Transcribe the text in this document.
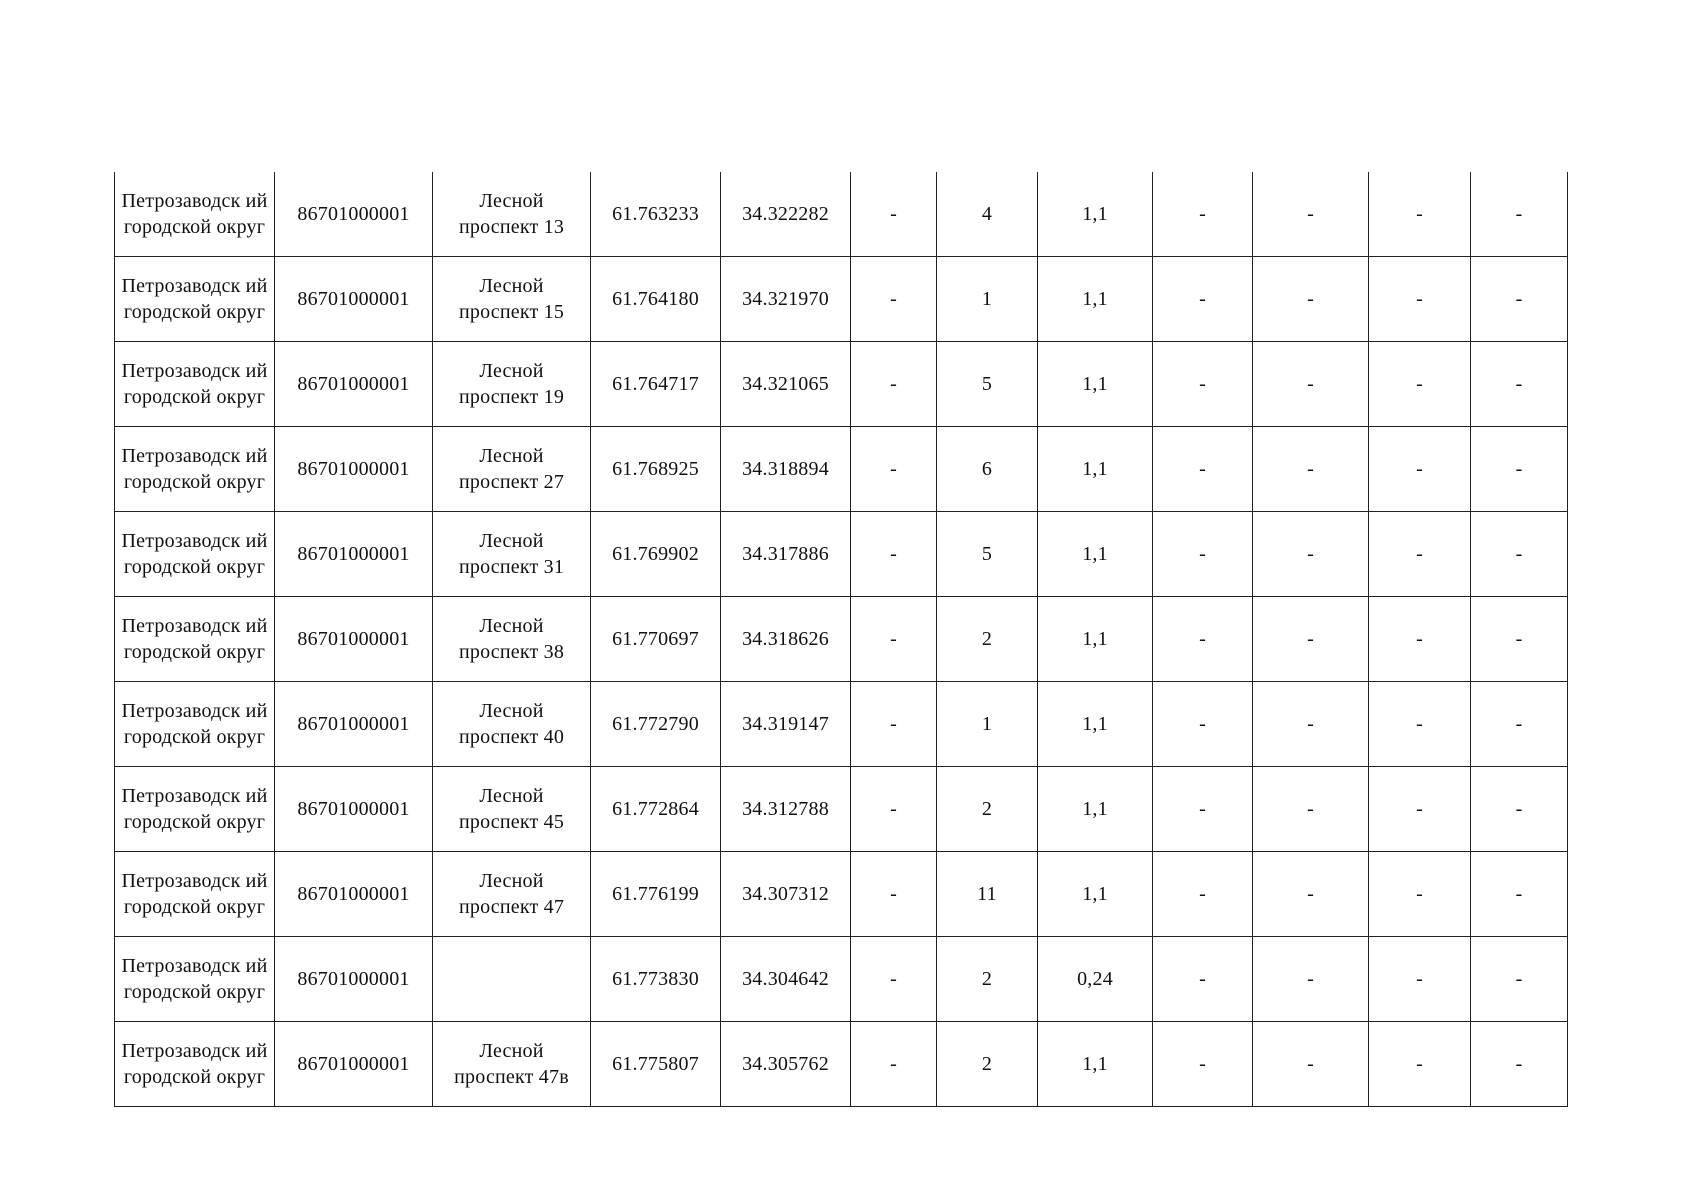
Петрозаводск ий городской округ	86701000001	Лесной проспект 13	61.763233	34.322282	-	4	1,1	-	-	-	-
Петрозаводск ий городской округ	86701000001	Лесной проспект 15	61.764180	34.321970	-	1	1,1	-	-	-	-
Петрозаводск ий городской округ	86701000001	Лесной проспект 19	61.764717	34.321065	-	5	1,1	-	-	-	-
Петрозаводск ий городской округ	86701000001	Лесной проспект 27	61.768925	34.318894	-	6	1,1	-	-	-	-
Петрозаводск ий городской округ	86701000001	Лесной проспект 31	61.769902	34.317886	-	5	1,1	-	-	-	-
Петрозаводск ий городской округ	86701000001	Лесной проспект 38	61.770697	34.318626	-	2	1,1	-	-	-	-
Петрозаводск ий городской округ	86701000001	Лесной проспект 40	61.772790	34.319147	-	1	1,1	-	-	-	-
Петрозаводск ий городской округ	86701000001	Лесной проспект 45	61.772864	34.312788	-	2	1,1	-	-	-	-
Петрозаводск ий городской округ	86701000001	Лесной проспект 47	61.776199	34.307312	-	11	1,1	-	-	-	-
Петрозаводск ий городской округ	86701000001		61.773830	34.304642	-	2	0,24	-	-	-	-
Петрозаводск ий городской округ	86701000001	Лесной проспект 47в	61.775807	34.305762	-	2	1,1	-	-	-	-
